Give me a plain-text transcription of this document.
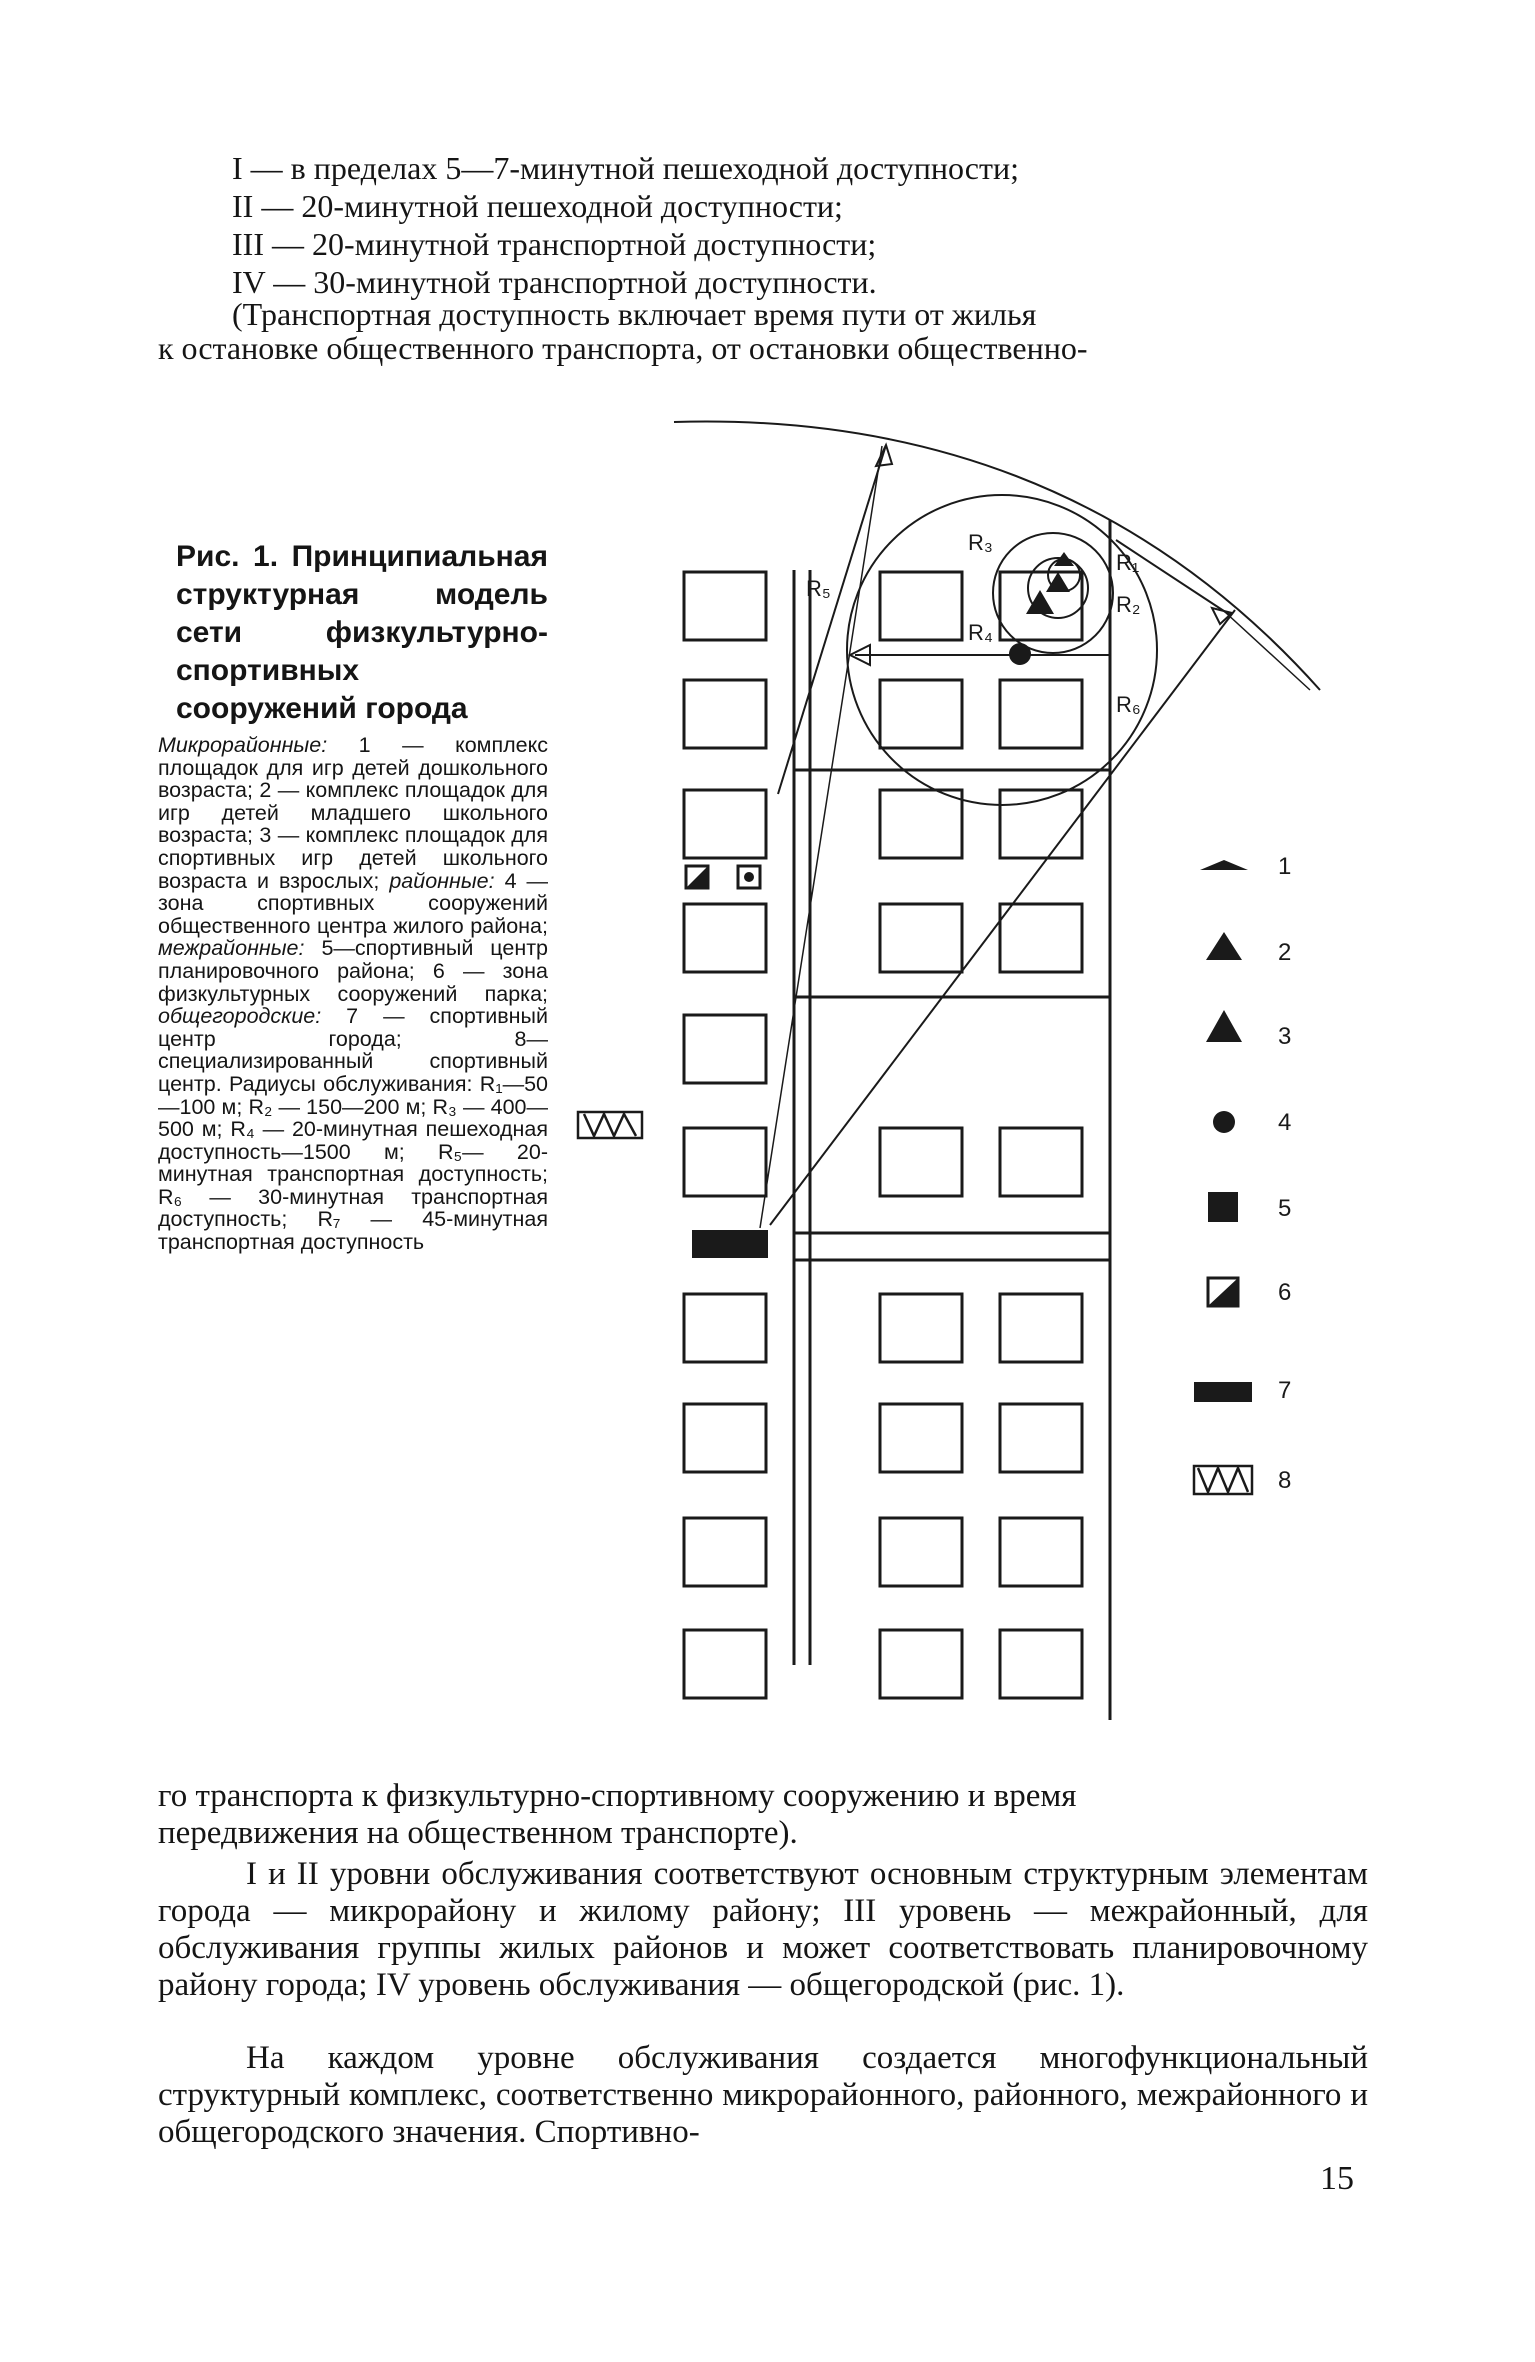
I — в пределах 5—7-минутной пешеходной доступности;
II — 20-минутной пешеходной доступности;
III — 20-минутной транспортной доступности;
IV — 30-минутной транспортной доступности.
(Транспортная доступность включает время пути от жилья
к остановке общественного транспорта, от остановки общественно-
Рис. 1. Принципиальная структурная модель сети физкультурно-спортивных сооружений города
Микрорайонные: 1 — комплекс площадок для игр детей дошкольного возраста; 2 — комплекс площадок для игр детей младшего школьного возраста; 3 — комплекс площадок для спортивных игр детей школьного возраста и взрослых; районные: 4 — зона спортивных сооружений общественного центра жилого района; межрайонные: 5—спортивный центр планировочного района; 6 — зона физкультурных сооружений парка; общегородские: 7 — спортивный центр города; 8—специализированный спортивный центр. Радиусы обслуживания: R₁—50—100 м; R₂ — 150—200 м; R₃ — 400—500 м; R₄ — 20-минутная пешеходная доступность—1500 м; R₅— 20-минутная транспортная доступность; R₆ — 30-минутная транспортная доступность; R₇ — 45-минутная транспортная доступность
R₅
R₃
R₄
R₁
R₂
R₆
1
2
3
4
5
6
7
8
го транспорта к физкультурно-спортивному сооружению и время
передвижения на общественном транспорте).
I и II уровни обслуживания соответствуют основным структурным элементам города — микрорайону и жилому району; III уровень — межрайонный, для обслуживания группы жилых районов и может соответствовать планировочному району города; IV уровень обслуживания — общегородской (рис. 1).
На каждом уровне обслуживания создается многофункциональный структурный комплекс, соответственно микрорайонного, районного, межрайонного и общегородского значения. Спортивно-
15
